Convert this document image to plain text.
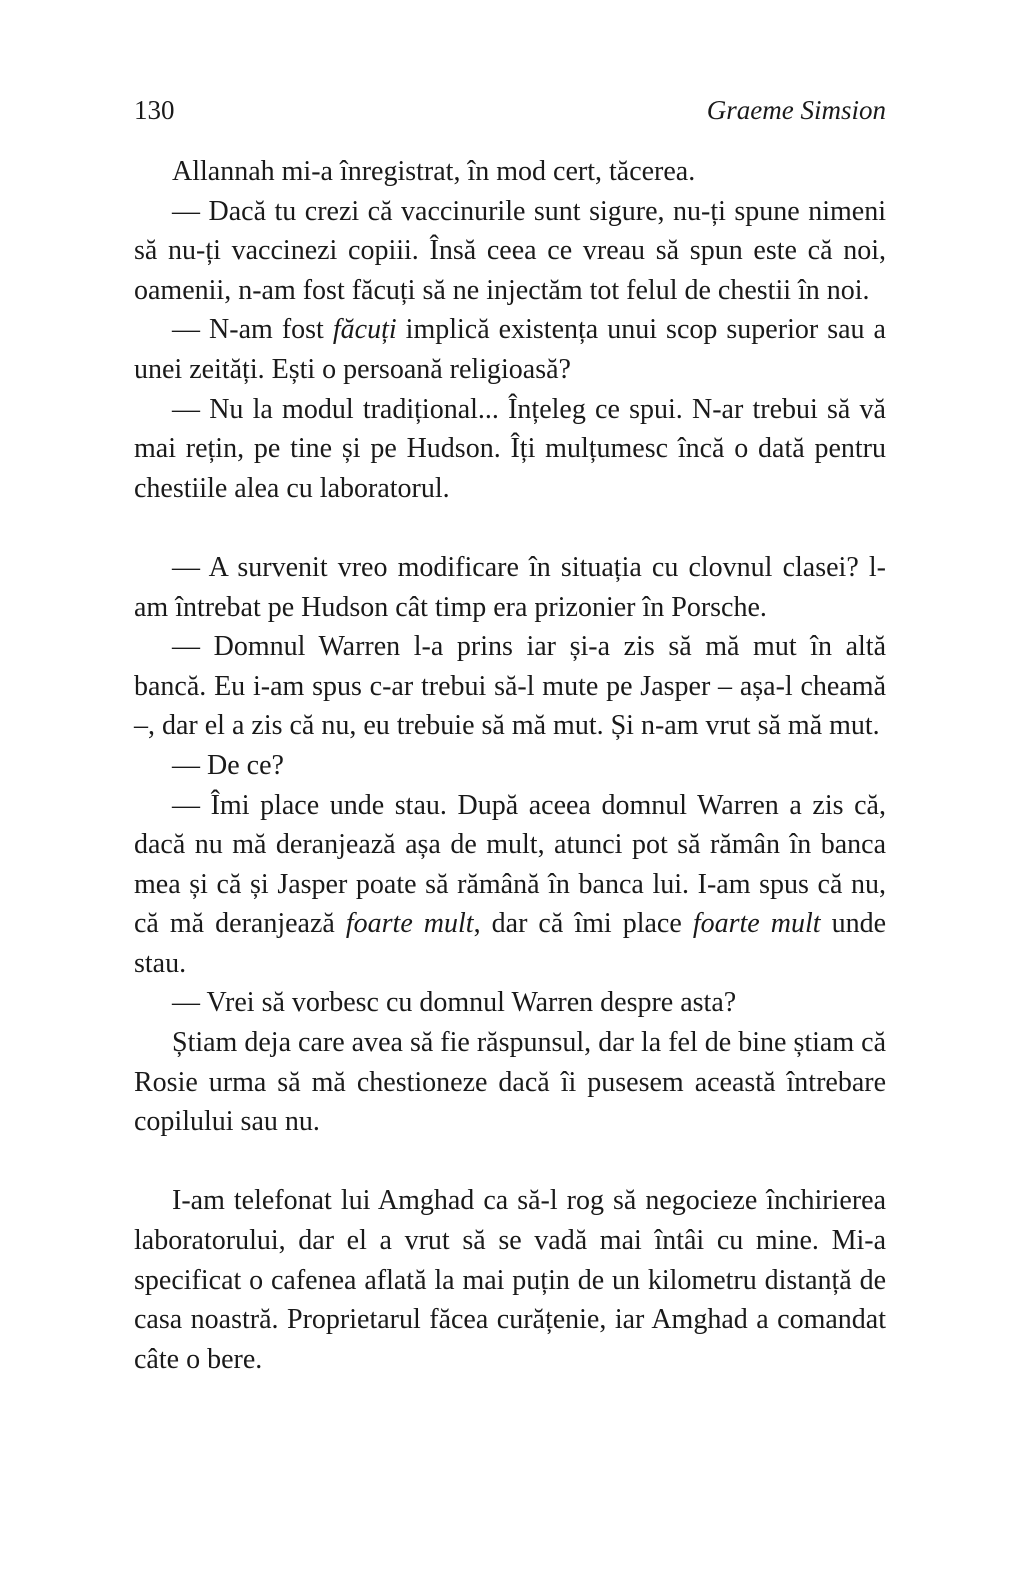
130	Graeme Simsion

Allannah mi-a înregistrat, în mod cert, tăcerea.

— Dacă tu crezi că vaccinurile sunt sigure, nu-ți spune nimeni să nu-ți vaccinezi copiii. Însă ceea ce vreau să spun este că noi, oamenii, n-am fost făcuți să ne injectăm tot felul de chestii în noi.

— N-am fost făcuți implică existența unui scop superior sau a unei zeități. Ești o persoană religioasă?

— Nu la modul tradițional... Înțeleg ce spui. N-ar trebui să vă mai rețin, pe tine și pe Hudson. Îți mulțumesc încă o dată pentru chestiile alea cu laboratorul.

— A survenit vreo modificare în situația cu clovnul clasei? l-am întrebat pe Hudson cât timp era prizonier în Porsche.

— Domnul Warren l-a prins iar și-a zis să mă mut în altă bancă. Eu i-am spus c-ar trebui să-l mute pe Jasper – așa-l cheamă –, dar el a zis că nu, eu trebuie să mă mut. Și n-am vrut să mă mut.

— De ce?

— Îmi place unde stau. După aceea domnul Warren a zis că, dacă nu mă deranjează așa de mult, atunci pot să rămân în banca mea și că și Jasper poate să rămână în banca lui. I-am spus că nu, că mă deranjează foarte mult, dar că îmi place foarte mult unde stau.

— Vrei să vorbesc cu domnul Warren despre asta?

Știam deja care avea să fie răspunsul, dar la fel de bine știam că Rosie urma să mă chestioneze dacă îi pusesem această întrebare copilului sau nu.

I-am telefonat lui Amghad ca să-l rog să negocieze închirierea laboratorului, dar el a vrut să se vadă mai întâi cu mine. Mi-a specificat o cafenea aflată la mai puțin de un kilometru distanță de casa noastră. Proprietarul făcea curățenie, iar Amghad a comandat câte o bere.
